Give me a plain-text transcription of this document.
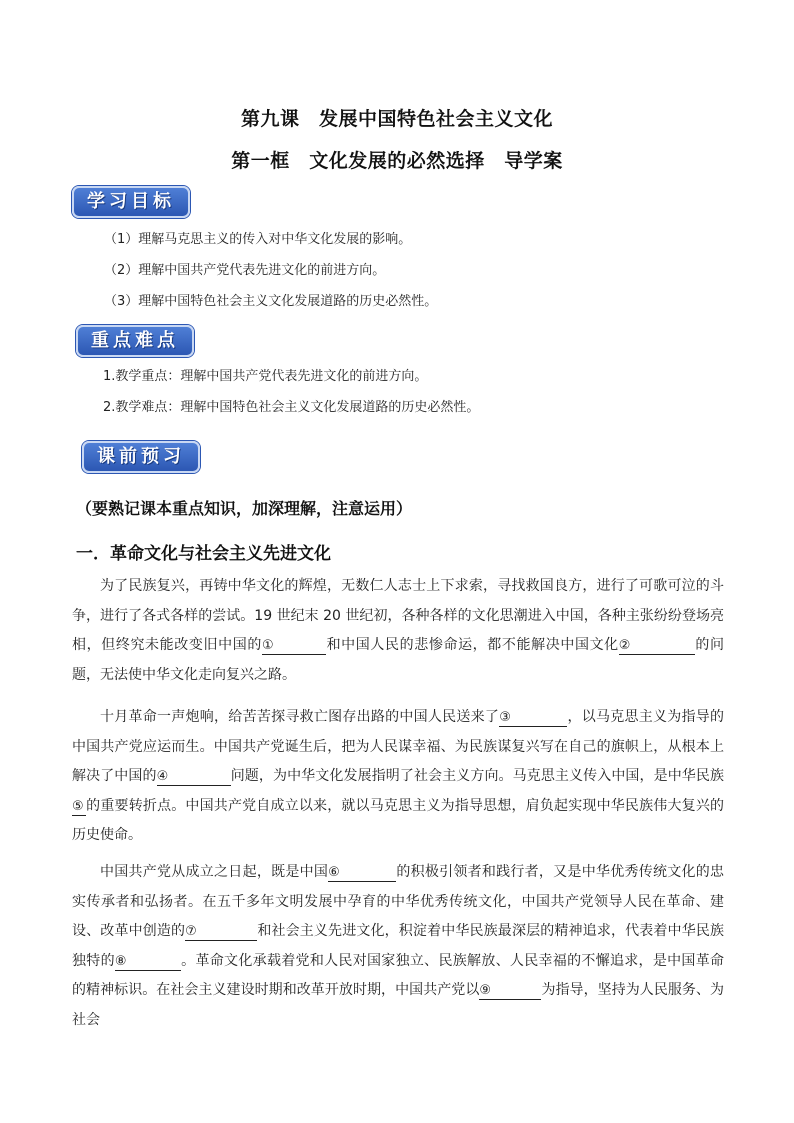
第九课　发展中国特色社会主义文化
第一框　文化发展的必然选择　导学案
学习目标
（1）理解马克思主义的传入对中华文化发展的影响。
（2）理解中国共产党代表先进文化的前进方向。
（3）理解中国特色社会主义文化发展道路的历史必然性。
重点难点
1.教学重点：理解中国共产党代表先进文化的前进方向。
2.教学难点：理解中国特色社会主义文化发展道路的历史必然性。
课前预习
（要熟记课本重点知识，加深理解，注意运用）
一．革命文化与社会主义先进文化

为了民族复兴，再铸中华文化的辉煌，无数仁人志士上下求索，寻找救国良方，进行了可歌可泣的斗争，进行了各式各样的尝试。19 世纪末 20 世纪初，各种各样的文化思潮进入中国，各种主张纷纷登场亮相，但终究未能改变旧中国的①	和中国人民的悲惨命运，都不能解决中国文化②	的问题，无法使中华文化走向复兴之路。

十月革命一声炮响，给苦苦探寻救亡图存出路的中国人民送来了③	，以马克思主义为指导的中国共产党应运而生。中国共产党诞生后，把为人民谋幸福、为民族谋复兴写在自己的旗帜上，从根本上解决了中国的④	问题，为中华文化发展指明了社会主义方向。马克思主义传入中国，是中华民族⑤ 的重要转折点。中国共产党自成立以来，就以马克思主义为指导思想，肩负起实现中华民族伟大复兴的历史使命。

中国共产党从成立之日起，既是中国⑥	的积极引领者和践行者，又是中华优秀传统文化的忠实传承者和弘扬者。在五千多年文明发展中孕育的中华优秀传统文化，中国共产党领导人民在革命、建设、改革中创造的⑦	和社会主义先进文化，积淀着中华民族最深层的精神追求，代表着中华民族独特的⑧	。革命文化承载着党和人民对国家独立、民族解放、人民幸福的不懈追求，是中国革命的精神标识。在社会主义建设时期和改革开放时期，中国共产党以⑨	为指导，坚持为人民服务、为社会
